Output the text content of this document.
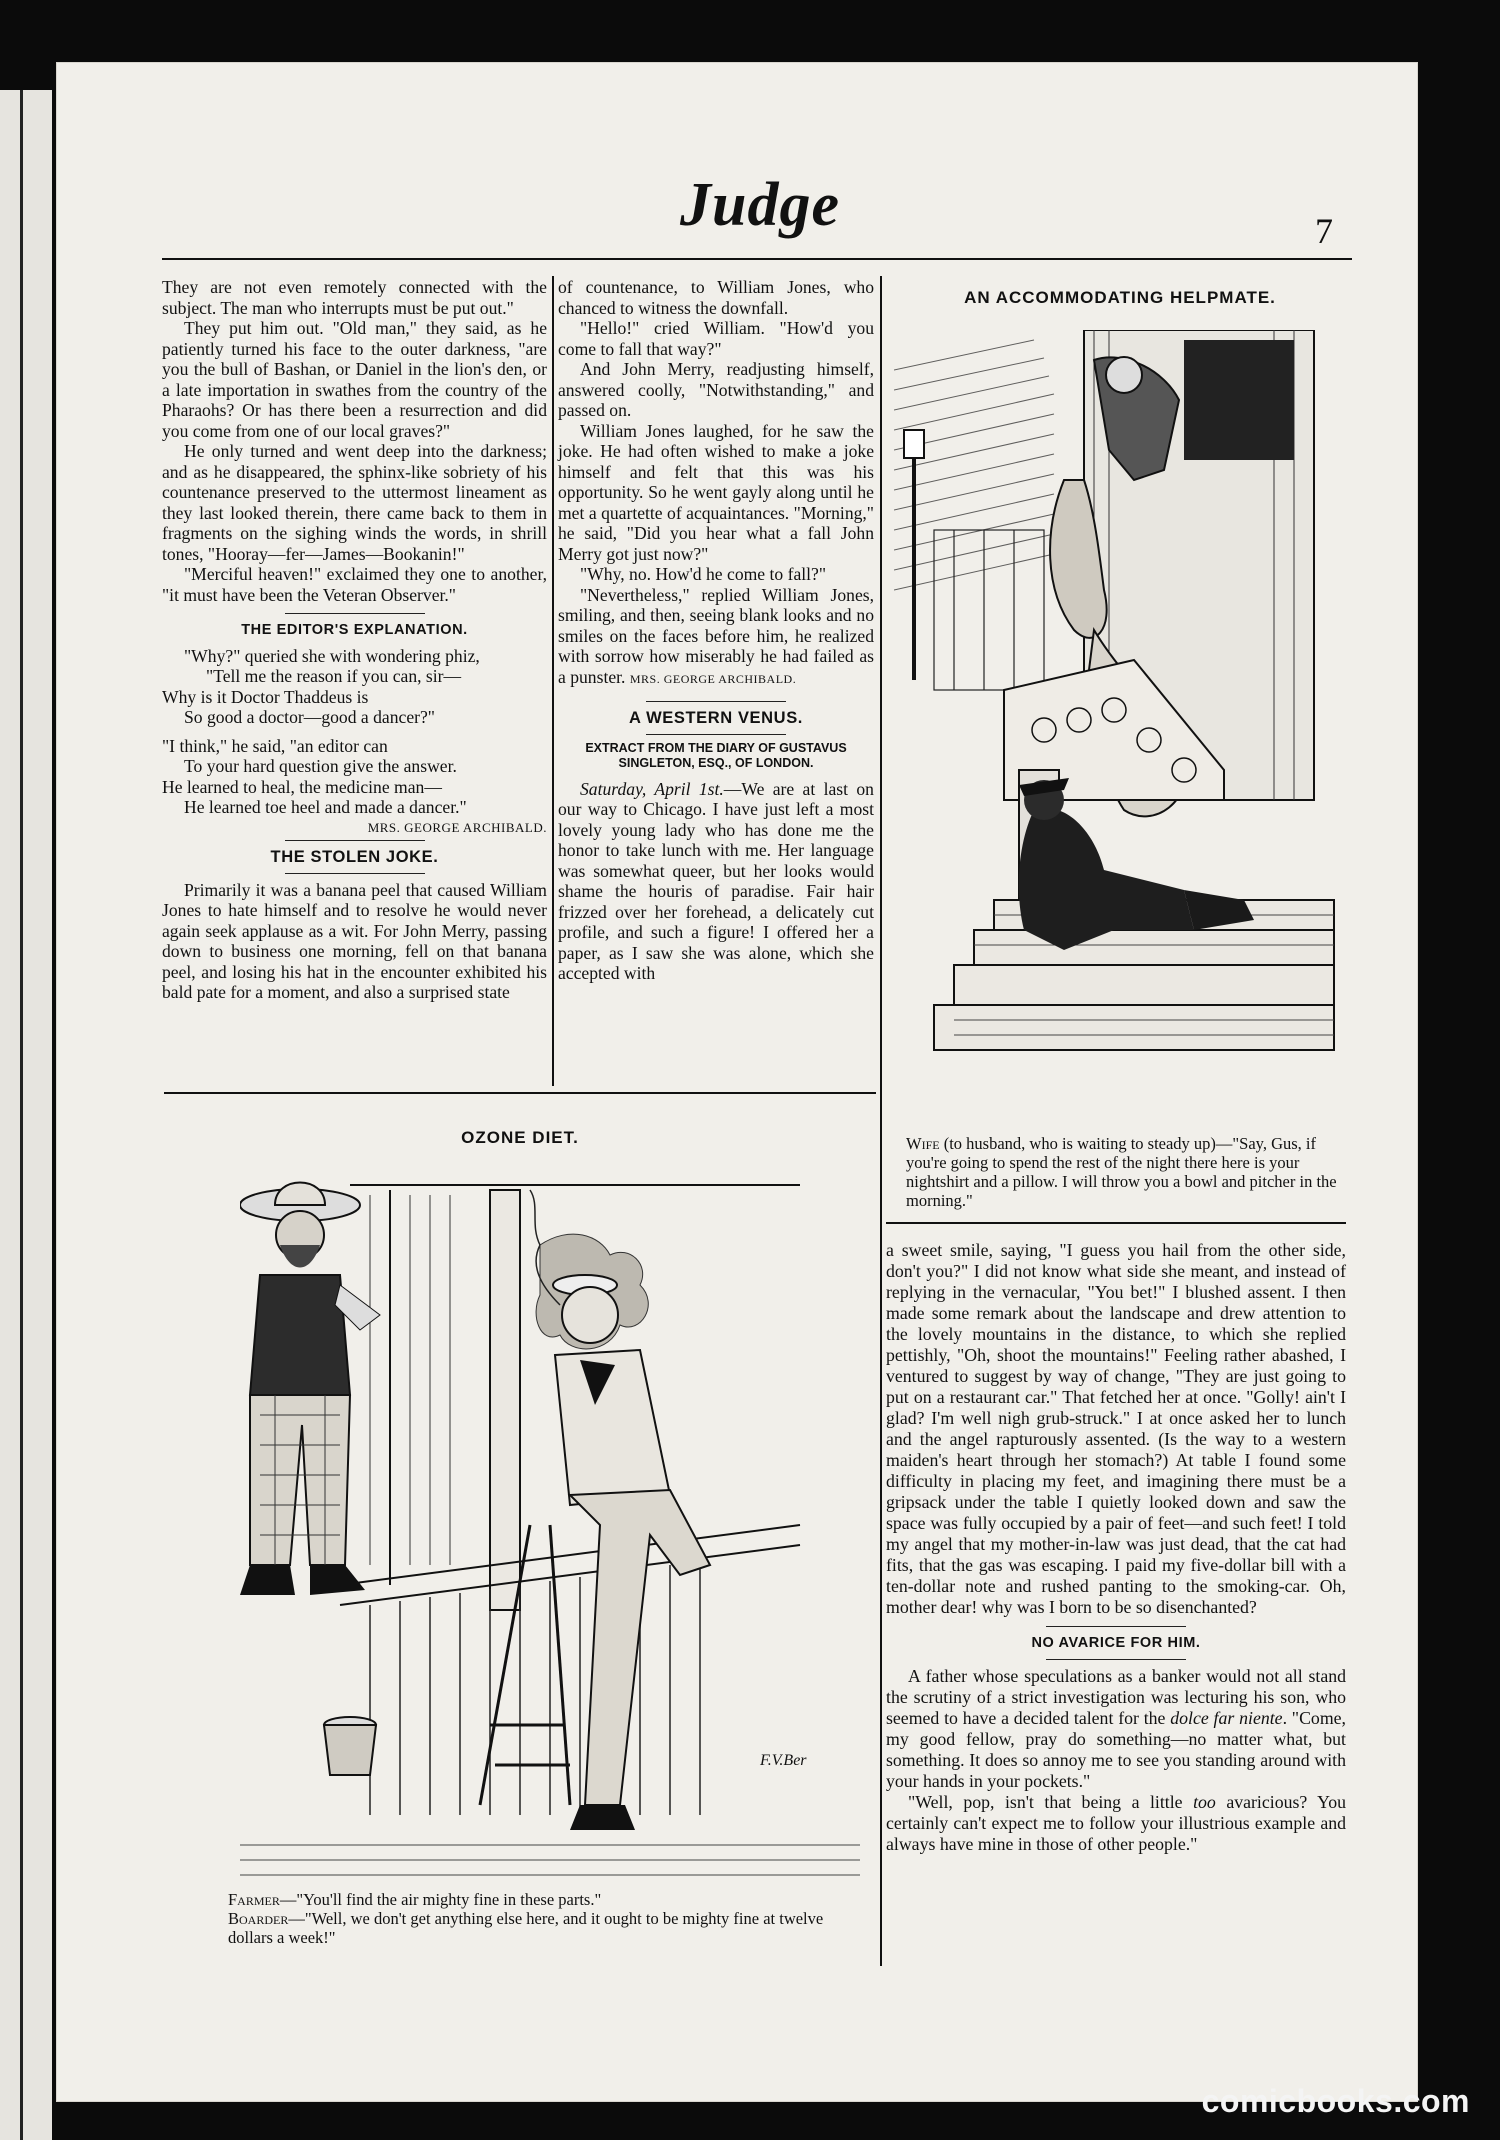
Judge	7

They are not even remotely connected with the subject. The man who interrupts must be put out."

They put him out. "Old man," they said, as he patiently turned his face to the outer darkness, "are you the bull of Bashan, or Daniel in the lion's den, or a late importation in swathes from the country of the Pharaohs? Or has there been a resurrection and did you come from one of our local graves?"

He only turned and went deep into the darkness; and as he disappeared, the sphinx-like sobriety of his countenance preserved to the uttermost lineament as they last looked therein, there came back to them in fragments on the sighing winds the words, in shrill tones, "Hooray—fer—James—Bookanin!"

"Merciful heaven!" exclaimed they one to another, "it must have been the Veteran Observer."

THE EDITOR'S EXPLANATION.
"Why?" queried she with wondering phiz,
"Tell me the reason if you can, sir—
Why is it Doctor Thaddeus is
So good a doctor—good a dancer?"
"I think," he said, "an editor can
To your hard question give the answer.
He learned to heal, the medicine man—
He learned toe heel and made a dancer."
MRS. GEORGE ARCHIBALD.
THE STOLEN JOKE.

Primarily it was a banana peel that caused William Jones to hate himself and to resolve he would never again seek applause as a wit. For John Merry, passing down to business one morning, fell on that banana peel, and losing his hat in the encounter exhibited his bald pate for a moment, and also a surprised state

of countenance, to William Jones, who chanced to witness the downfall.

"Hello!" cried William. "How'd you come to fall that way?"

And John Merry, readjusting himself, answered coolly, "Notwithstanding," and passed on.

William Jones laughed, for he saw the joke. He had often wished to make a joke himself and felt that this was his opportunity. So he went gayly along until he met a quartette of acquaintances. "Morning," he said, "Did you hear what a fall John Merry got just now?"

"Why, no. How'd he come to fall?"

"Nevertheless," replied William Jones, smiling, and then, seeing blank looks and no smiles on the faces before him, he realized with sorrow how miserably he had failed as a punster. MRS. GEORGE ARCHIBALD.

A WESTERN VENUS.
EXTRACT FROM THE DIARY OF GUSTAVUS SINGLETON, ESQ., OF LONDON.

Saturday, April 1st.—We are at last on our way to Chicago. I have just left a most lovely young lady who has done me the honor to take lunch with me. Her language was somewhat queer, but her looks would shame the houris of paradise. Fair hair frizzed over her forehead, a delicately cut profile, and such a figure! I offered her a paper, as I saw she was alone, which she accepted with

AN ACCOMMODATING HELPMATE.
Wife (to husband, who is waiting to steady up)—"Say, Gus, if you're going to spend the rest of the night there here is your nightshirt and a pillow. I will throw you a bowl and pitcher in the morning."
OZONE DIET.
F.V.Ber
Farmer—"You'll find the air mighty fine in these parts."
Boarder—"Well, we don't get anything else here, and it ought to be mighty fine at twelve dollars a week!"

a sweet smile, saying, "I guess you hail from the other side, don't you?" I did not know what side she meant, and instead of replying in the vernacular, "You bet!" I blushed assent. I then made some remark about the landscape and drew attention to the lovely mountains in the distance, to which she replied pettishly, "Oh, shoot the mountains!" Feeling rather abashed, I ventured to suggest by way of change, "They are just going to put on a restaurant car." That fetched her at once. "Golly! ain't I glad? I'm well nigh grub-struck." I at once asked her to lunch and the angel rapturously assented. (Is the way to a western maiden's heart through her stomach?) At table I found some difficulty in placing my feet, and imagining there must be a gripsack under the table I quietly looked down and saw the space was fully occupied by a pair of feet—and such feet! I told my angel that my mother-in-law was just dead, that the cat had fits, that the gas was escaping. I paid my five-dollar bill with a ten-dollar note and rushed panting to the smoking-car. Oh, mother dear! why was I born to be so disenchanted?

NO AVARICE FOR HIM.

A father whose speculations as a banker would not all stand the scrutiny of a strict investigation was lecturing his son, who seemed to have a decided talent for the dolce far niente. "Come, my good fellow, pray do something—no matter what, but something. It does so annoy me to see you standing around with your hands in your pockets."

"Well, pop, isn't that being a little too avaricious? You certainly can't expect me to follow your illustrious example and always have mine in those of other people."

comicbooks.com
